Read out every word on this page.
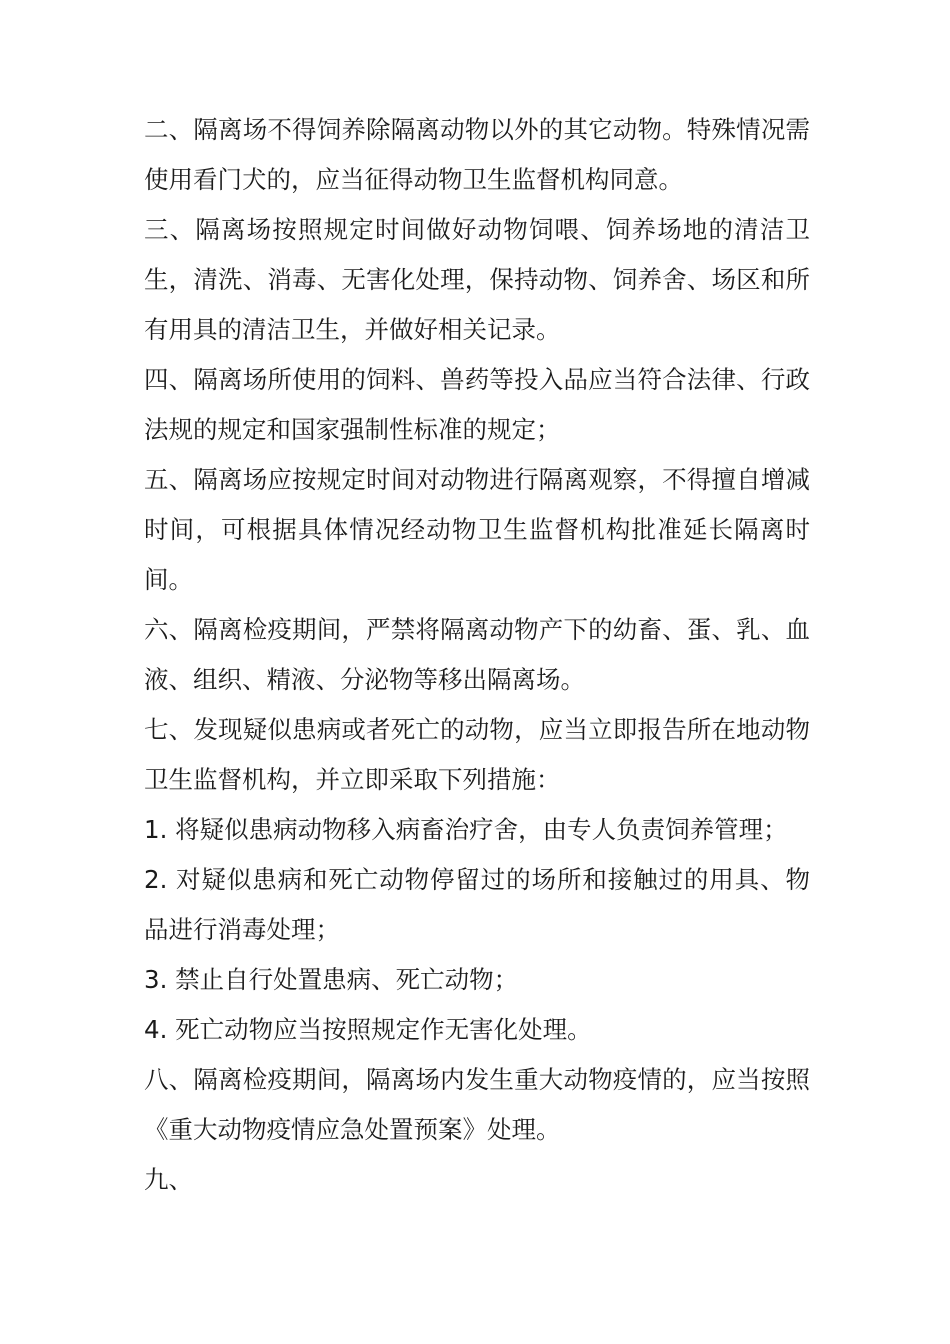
二、隔离场不得饲养除隔离动物以外的其它动物。特殊情况需使用看门犬的，应当征得动物卫生监督机构同意。

三、隔离场按照规定时间做好动物饲喂、饲养场地的清洁卫生，清洗、消毒、无害化处理，保持动物、饲养舍、场区和所有用具的清洁卫生，并做好相关记录。

四、隔离场所使用的饲料、兽药等投入品应当符合法律、行政法规的规定和国家强制性标准的规定；

五、隔离场应按规定时间对动物进行隔离观察，不得擅自增减时间，可根据具体情况经动物卫生监督机构批准延长隔离时间。

六、隔离检疫期间，严禁将隔离动物产下的幼畜、蛋、乳、血液、组织、精液、分泌物等移出隔离场。

七、发现疑似患病或者死亡的动物，应当立即报告所在地动物卫生监督机构，并立即采取下列措施：

1. 将疑似患病动物移入病畜治疗舍，由专人负责饲养管理；

2. 对疑似患病和死亡动物停留过的场所和接触过的用具、物品进行消毒处理；

3. 禁止自行处置患病、死亡动物；

4. 死亡动物应当按照规定作无害化处理。

八、隔离检疫期间，隔离场内发生重大动物疫情的，应当按照《重大动物疫情应急处置预案》处理。

九、
